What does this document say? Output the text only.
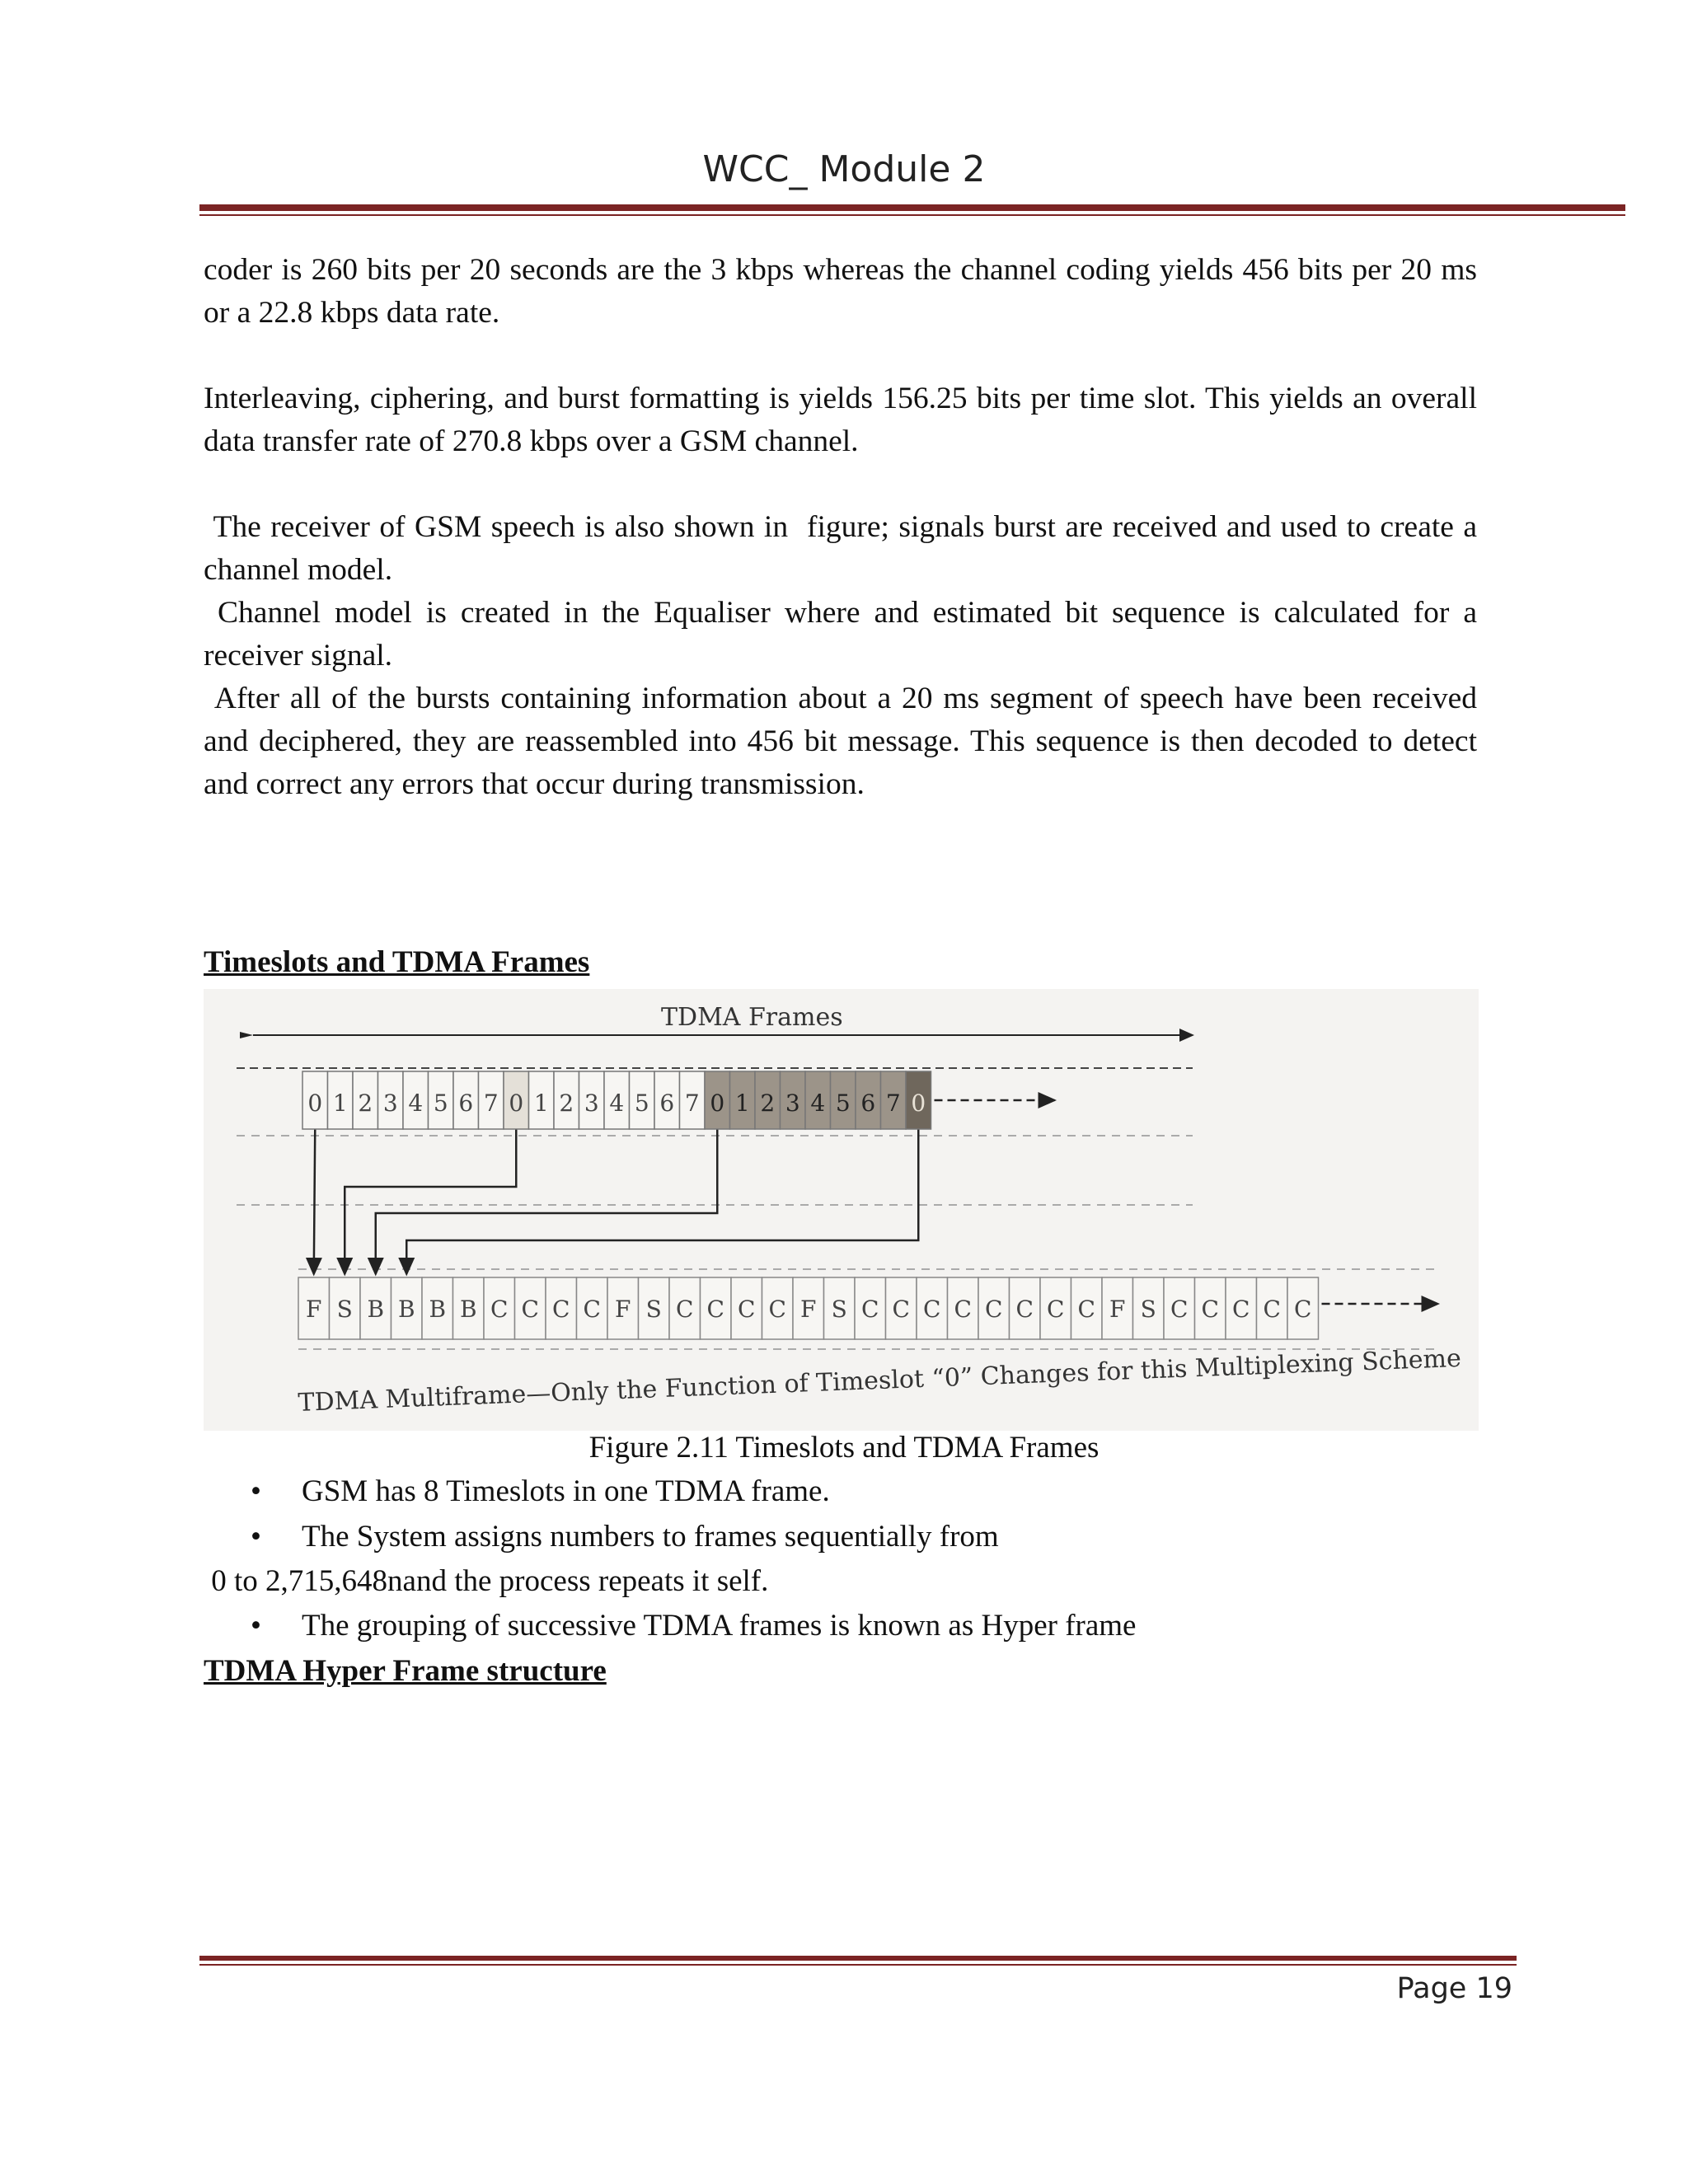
WCC_ Module 2

coder is 260 bits per 20 seconds are the 3 kbps whereas the channel coding yields 456 bits per 20 ms or a 22.8 kbps data rate.

Interleaving, ciphering, and burst formatting is yields 156.25 bits per time slot. This yields an overall data transfer rate of 270.8 kbps over a GSM channel.

The receiver of GSM speech is also shown in  figure; signals burst are received and used to create a channel model.

Channel model is created in the Equaliser where and estimated bit sequence is calculated for a receiver signal.

After all of the bursts containing information about a 20 ms segment of speech have been received and deciphered, they are reassembled into 456 bit message. This sequence is then decoded to detect and correct any errors that occur during transmission.

Timeslots and TDMA Frames
0 1 2 3 4 5 6 7 0 1 2 3 4 5 6 7 0 1 2 3 4 5 6 7 0
F S B B B B C C C C F S C C C C F S C C C C C C C C F S C C C C C
TDMA Frames
TDMA Multiframe—Only the Function of Timeslot “0” Changes for this Multiplexing Scheme
Figure 2.11 Timeslots and TDMA Frames
• GSM has 8 Timeslots in one TDMA frame.
• The System assigns numbers to frames sequentially from
0 to 2,715,648nand the process repeats it self.
• The grouping of successive TDMA frames is known as Hyper frame
TDMA Hyper Frame structure
Page 19
